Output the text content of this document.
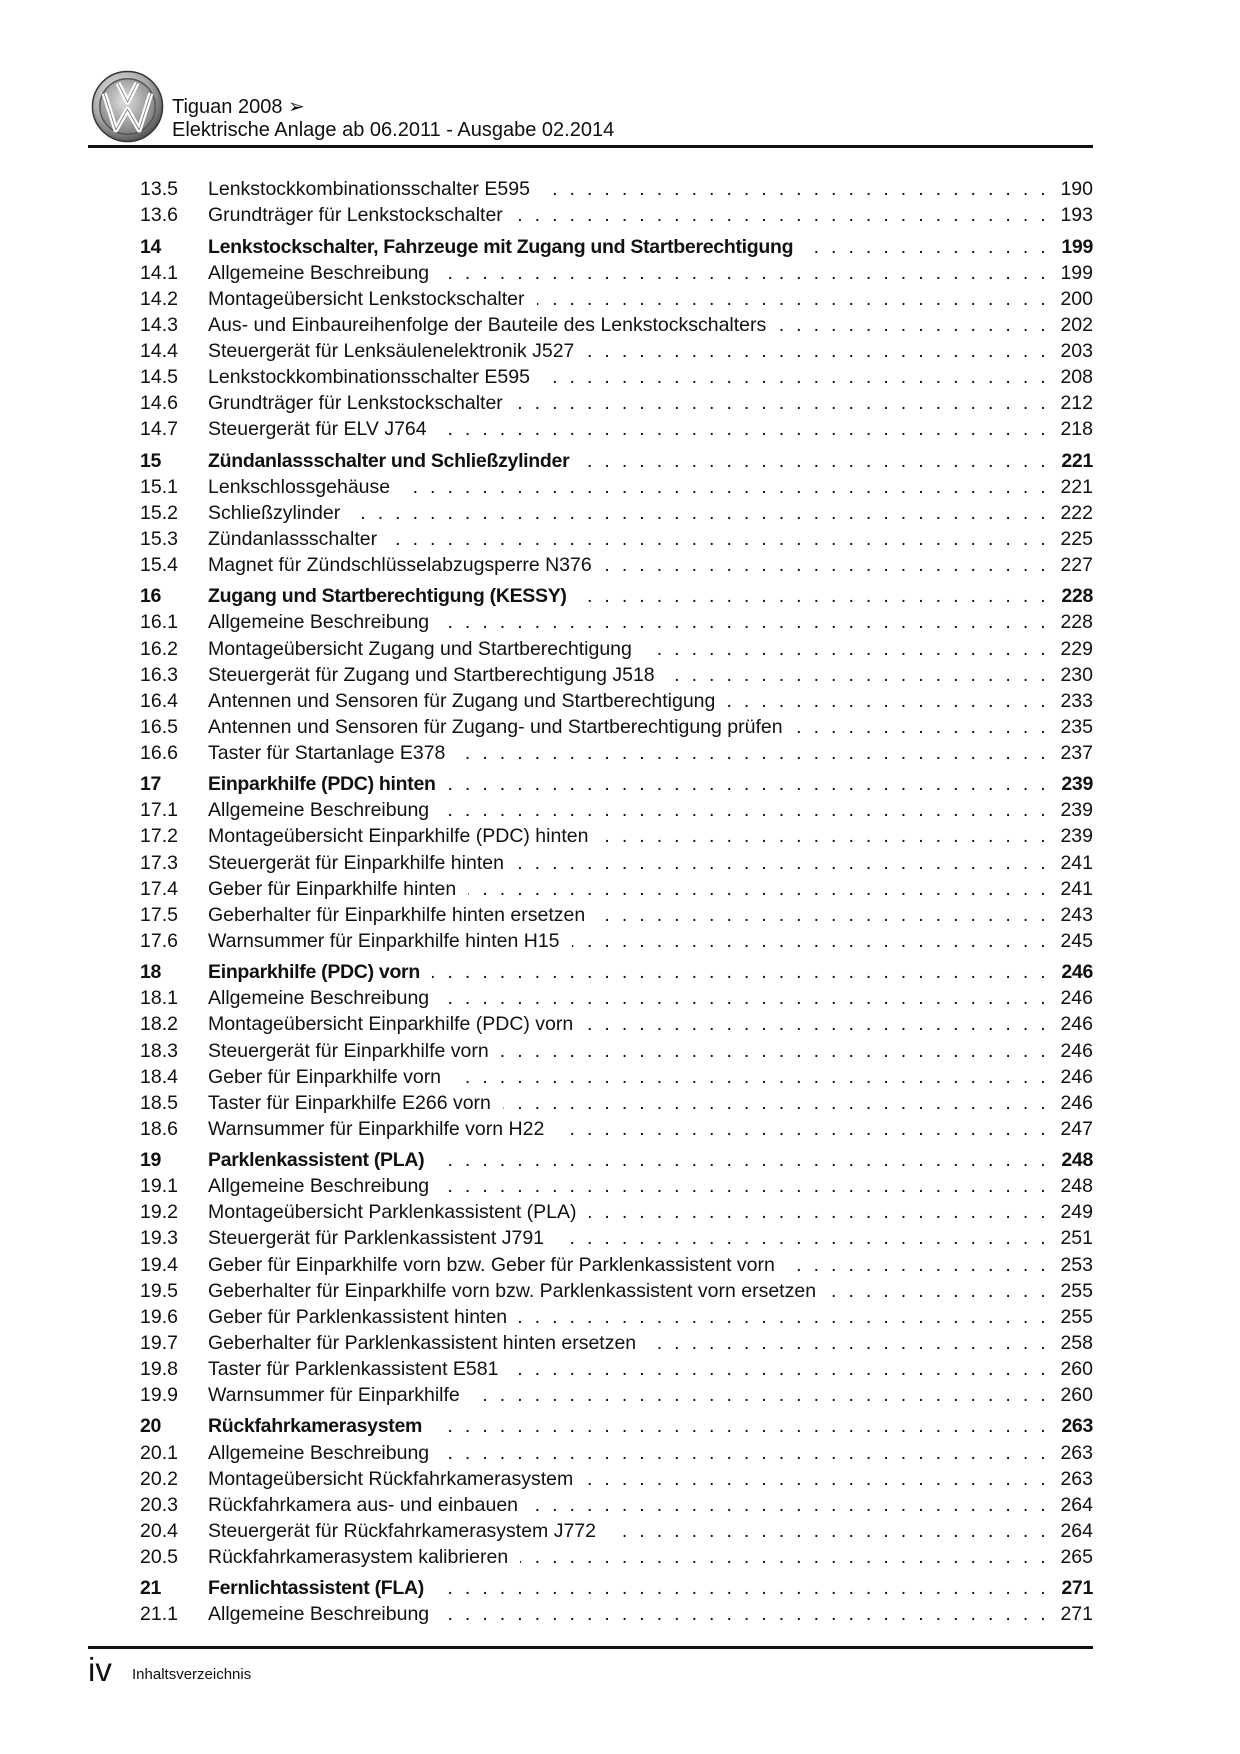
Tiguan 2008 ➢
Elektrische Anlage ab 06.2011 - Ausgabe 02.2014
13.5	Lenkstockkombinationsschalter E595 . . .	190
13.6	Grundträger für Lenkstockschalter . . .	193
14	Lenkstockschalter, Fahrzeuge mit Zugang und Startberechtigung . . .	199
14.1	Allgemeine Beschreibung . . .	199
14.2	Montageübersicht Lenkstockschalter . . .	200
14.3	Aus- und Einbaureihenfolge der Bauteile des Lenkstockschalters . . .	202
14.4	Steuergerät für Lenksäulenelektronik J527 . . .	203
14.5	Lenkstockkombinationsschalter E595 . . .	208
14.6	Grundträger für Lenkstockschalter . . .	212
14.7	Steuergerät für ELV J764 . . .	218
15	Zündanlassschalter und Schließzylinder . . .	221
15.1	Lenkschlossgehäuse . . .	221
15.2	Schließzylinder . . .	222
15.3	Zündanlassschalter . . .	225
15.4	Magnet für Zündschlüsselabzugsperre N376 . . .	227
16	Zugang und Startberechtigung (KESSY) . . .	228
16.1	Allgemeine Beschreibung . . .	228
16.2	Montageübersicht Zugang und Startberechtigung . . .	229
16.3	Steuergerät für Zugang und Startberechtigung J518 . . .	230
16.4	Antennen und Sensoren für Zugang und Startberechtigung . . .	233
16.5	Antennen und Sensoren für Zugang- und Startberechtigung prüfen . . .	235
16.6	Taster für Startanlage E378 . . .	237
17	Einparkhilfe (PDC) hinten . . .	239
17.1	Allgemeine Beschreibung . . .	239
17.2	Montageübersicht Einparkhilfe (PDC) hinten . . .	239
17.3	Steuergerät für Einparkhilfe hinten . . .	241
17.4	Geber für Einparkhilfe hinten . . .	241
17.5	Geberhalter für Einparkhilfe hinten ersetzen . . .	243
17.6	Warnsummer für Einparkhilfe hinten H15 . . .	245
18	Einparkhilfe (PDC) vorn . . .	246
18.1	Allgemeine Beschreibung . . .	246
18.2	Montageübersicht Einparkhilfe (PDC) vorn . . .	246
18.3	Steuergerät für Einparkhilfe vorn . . .	246
18.4	Geber für Einparkhilfe vorn . . .	246
18.5	Taster für Einparkhilfe E266 vorn . . .	246
18.6	Warnsummer für Einparkhilfe vorn H22 . . .	247
19	Parklenkassistent (PLA) . . .	248
19.1	Allgemeine Beschreibung . . .	248
19.2	Montageübersicht Parklenkassistent (PLA) . . .	249
19.3	Steuergerät für Parklenkassistent J791 . . .	251
19.4	Geber für Einparkhilfe vorn bzw. Geber für Parklenkassistent vorn . . .	253
19.5	Geberhalter für Einparkhilfe vorn bzw. Parklenkassistent vorn ersetzen . . .	255
19.6	Geber für Parklenkassistent hinten . . .	255
19.7	Geberhalter für Parklenkassistent hinten ersetzen . . .	258
19.8	Taster für Parklenkassistent E581 . . .	260
19.9	Warnsummer für Einparkhilfe . . .	260
20	Rückfahrkamerasystem . . .	263
20.1	Allgemeine Beschreibung . . .	263
20.2	Montageübersicht Rückfahrkamerasystem . . .	263
20.3	Rückfahrkamera aus- und einbauen . . .	264
20.4	Steuergerät für Rückfahrkamerasystem J772 . . .	264
20.5	Rückfahrkamerasystem kalibrieren . . .	265
21	Fernlichtassistent (FLA) . . .	271
21.1	Allgemeine Beschreibung . . .	271
iv Inhaltsverzeichnis
